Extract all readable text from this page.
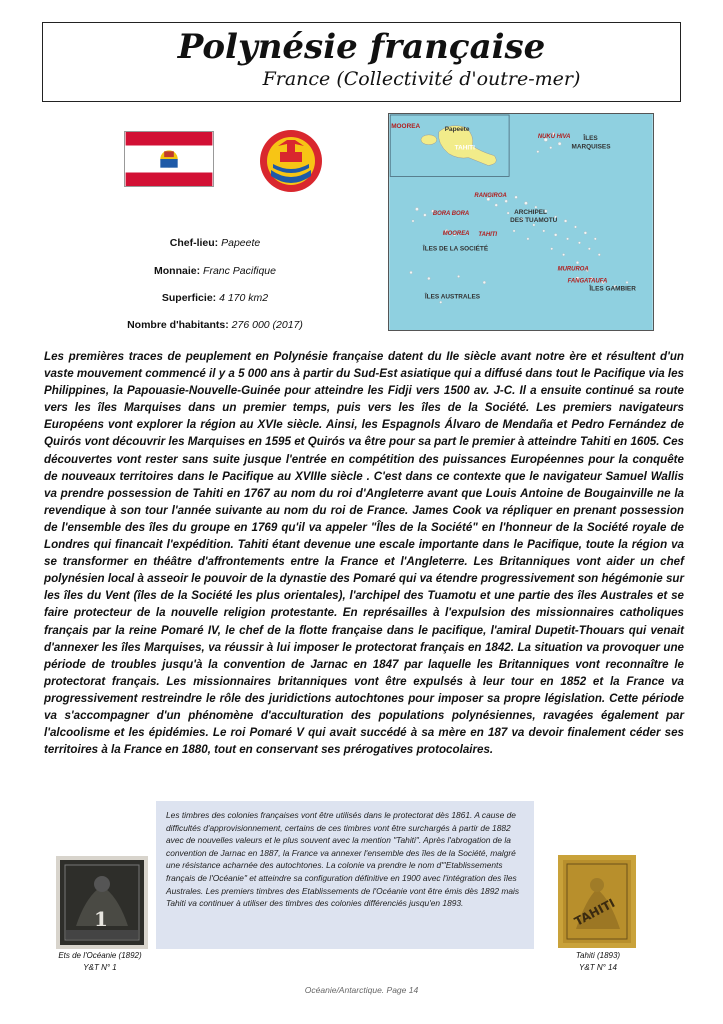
Polynésie française
France (Collectivité d'outre-mer)
Chef-lieu: Papeete
Monnaie: Franc Pacifique
Superficie: 4 170 km2
Nombre d'habitants: 276 000 (2017)
MOOREA	Papeete
TAHITI
NUKU HIVA ÎLES
MARQUISES
RANGIROA
ARCHIPEL
DES TUAMOTU
BORA BORA
MOOREA TAHITI
ÎLES DE LA SOCIÉTÉ
MURUROA
FANGATAUFA
ÎLES GAMBIER
ÎLES AUSTRALES

Les premières traces de peuplement en Polynésie française datent du IIe siècle avant notre ère et résultent d'un vaste mouvement commencé il y a 5 000 ans à partir du Sud-Est asiatique qui a diffusé dans tout le Pacifique via les Philippines, la Papouasie-Nouvelle-Guinée pour atteindre les Fidji vers 1500 av. J-C. Il a ensuite continué sa route vers les îles Marquises dans un premier temps, puis vers les îles de la Société. Les premiers navigateurs Européens vont explorer la région au XVIe siècle. Ainsi, les Espagnols Álvaro de Mendaña et Pedro Fernández de Quirós vont découvrir les Marquises en 1595 et Quirós va être pour sa part le premier à atteindre Tahiti en 1605. Ces découvertes vont rester sans suite jusque l'entrée en compétition des puissances Européennes pour la conquête de nouveaux territoires dans le Pacifique au XVIIIe siècle . C'est dans ce contexte que le navigateur Samuel Wallis va prendre possession de Tahiti en 1767 au nom du roi d'Angleterre avant que Louis Antoine de Bougainville ne la revendique à son tour l'année suivante au nom du roi de France. James Cook va répliquer en prenant possession de l'ensemble des îles du groupe en 1769 qu'il va appeler "Îles de la Société" en l'honneur de la Société royale de Londres qui financait l'expédition. Tahiti étant devenue une escale importante dans le Pacifique, toute la région va se transformer en théâtre d'affrontements entre la France et l'Angleterre. Les Britanniques vont aider un chef polynésien local à asseoir le pouvoir de la dynastie des Pomaré qui va étendre progressivement son hégémonie sur les îles du Vent (îles de la Société les plus orientales), l'archipel des Tuamotu et une partie des îles Australes et se faire protecteur de la nouvelle religion protestante. En représailles à l'expulsion des missionnaires catholiques français par la reine Pomaré IV, le chef de la flotte française dans le pacifique, l'amiral Dupetit-Thouars qui venait d'annexer les îles Marquises, va réussir à lui imposer le protectorat français en 1842. La situation va provoquer une période de troubles jusqu'à la convention de Jarnac en 1847 par laquelle les Britanniques vont reconnaître le protectorat français. Les missionnaires britanniques vont être expulsés à leur tour en 1852 et la France va progressivement restreindre le rôle des juridictions autochtones pour imposer sa propre législation. Cette période va s'accompagner d'un phénomène d'acculturation des populations polynésiennes, ravagées également par l'alcoolisme et les épidémies. Le roi Pomaré V qui avait succédé à sa mère en 187 va devoir finalement céder ses territoires à la France en 1880, tout en conservant ses prérogatives protocolaires.

1
Ets de l'Océanie (1892)
Y&T N° 1
Les timbres des colonies françaises vont être utilisés dans le protectorat dès 1861. A cause de difficultés d'approvisionnement, certains de ces timbres vont être surchargés à partir de 1882 avec de nouvelles valeurs et le plus souvent avec la mention "Tahiti". Après l'abrogation de la convention de Jarnac en 1887, la France va annexer l'ensemble des îles de la Société, malgré une résistance acharnée des autochtones. La colonie va prendre le nom d'"Etablissements français de l'Océanie" et atteindre sa configuration définitive en 1900 avec l'intégration des îles Australes. Les premiers timbres des Etablissements de l'Océanie vont être émis dès 1892 mais Tahiti va continuer à utiliser des timbres des colonies différenciés jusqu'en 1893.	TAHITI
Tahiti (1893)
Y&T N° 14
Océanie/Antarctique. Page 14
